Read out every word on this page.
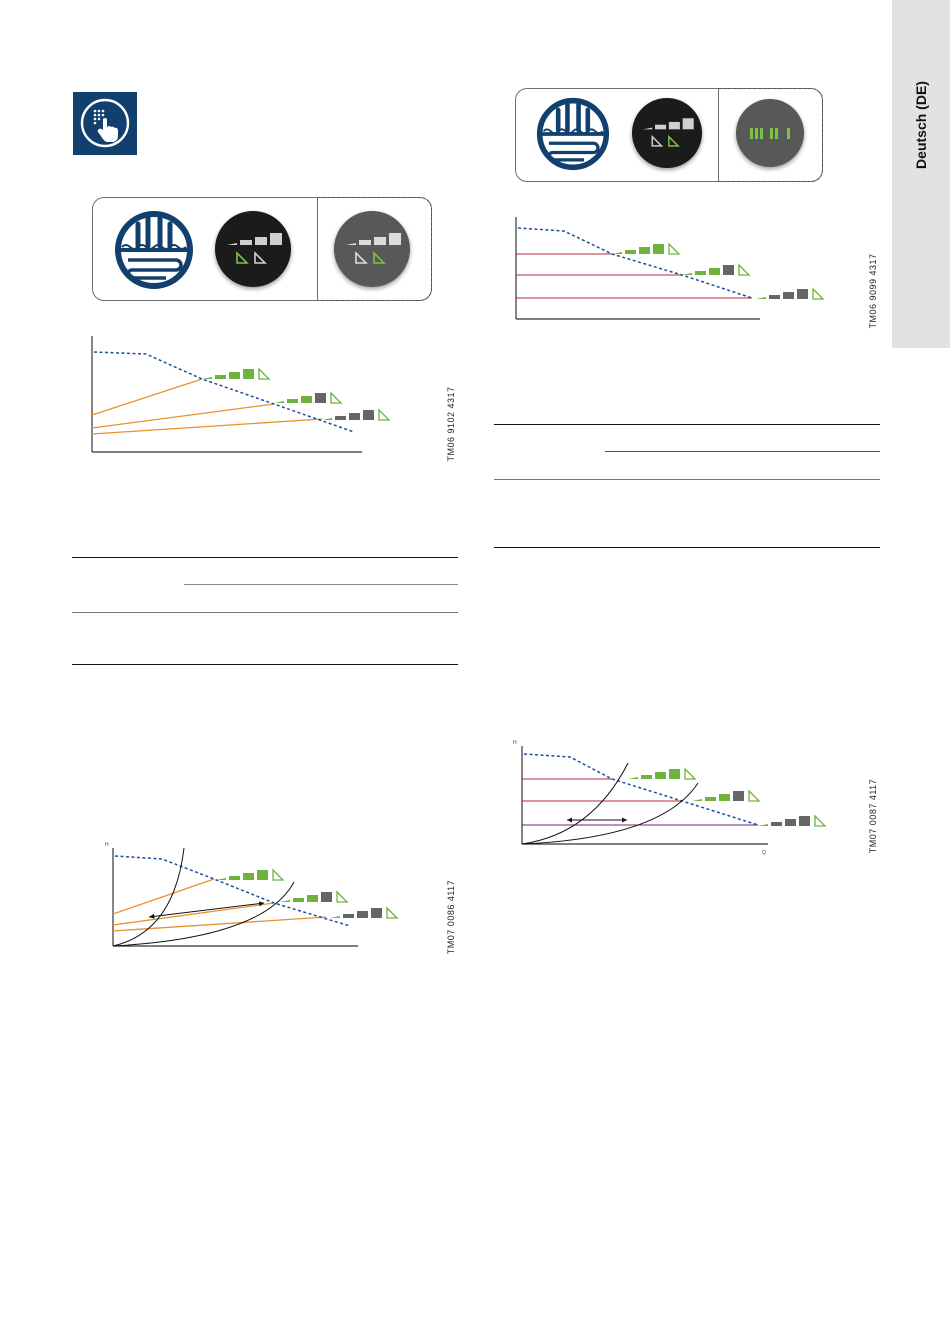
Deutsch (DE)
TM06 9102 4317
TM06 9099 4317
H
Q	TM07 0087 4117
H
TM07 0086 4117
